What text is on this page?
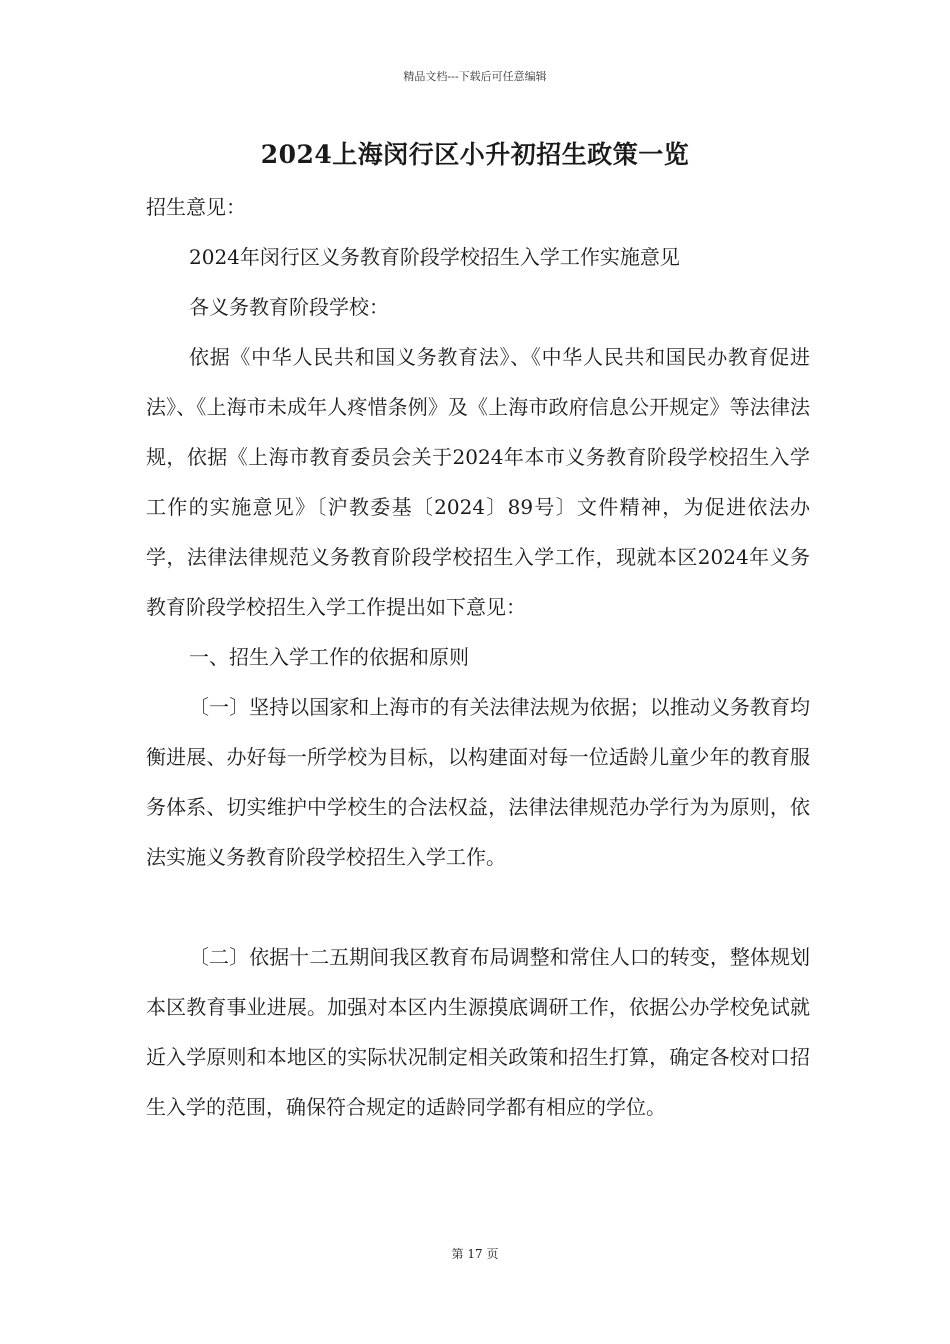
精品文档---下载后可任意编辑
2024上海闵行区小升初招生政策一览

招生意见：

2024年闵行区义务教育阶段学校招生入学工作实施意见

各义务教育阶段学校：

依据《中华人民共和国义务教育法》、《中华人民共和国民办教育促进法》、《上海市未成年人疼惜条例》及《上海市政府信息公开规定》等法律法规，依据《上海市教育委员会关于2024年本市义务教育阶段学校招生入学工作的实施意见》〔沪教委基〔2024〕89号〕文件精神，为促进依法办学，法律法律规范义务教育阶段学校招生入学工作，现就本区2024年义务教育阶段学校招生入学工作提出如下意见：

一、招生入学工作的依据和原则

〔一〕坚持以国家和上海市的有关法律法规为依据；以推动义务教育均衡进展、办好每一所学校为目标，以构建面对每一位适龄儿童少年的教育服务体系、切实维护中学校生的合法权益，法律法律规范办学行为为原则，依法实施义务教育阶段学校招生入学工作。

〔二〕依据十二五期间我区教育布局调整和常住人口的转变，整体规划本区教育事业进展。加强对本区内生源摸底调研工作，依据公办学校免试就近入学原则和本地区的实际状况制定相关政策和招生打算，确定各校对口招生入学的范围，确保符合规定的适龄同学都有相应的学位。

第 17 页
